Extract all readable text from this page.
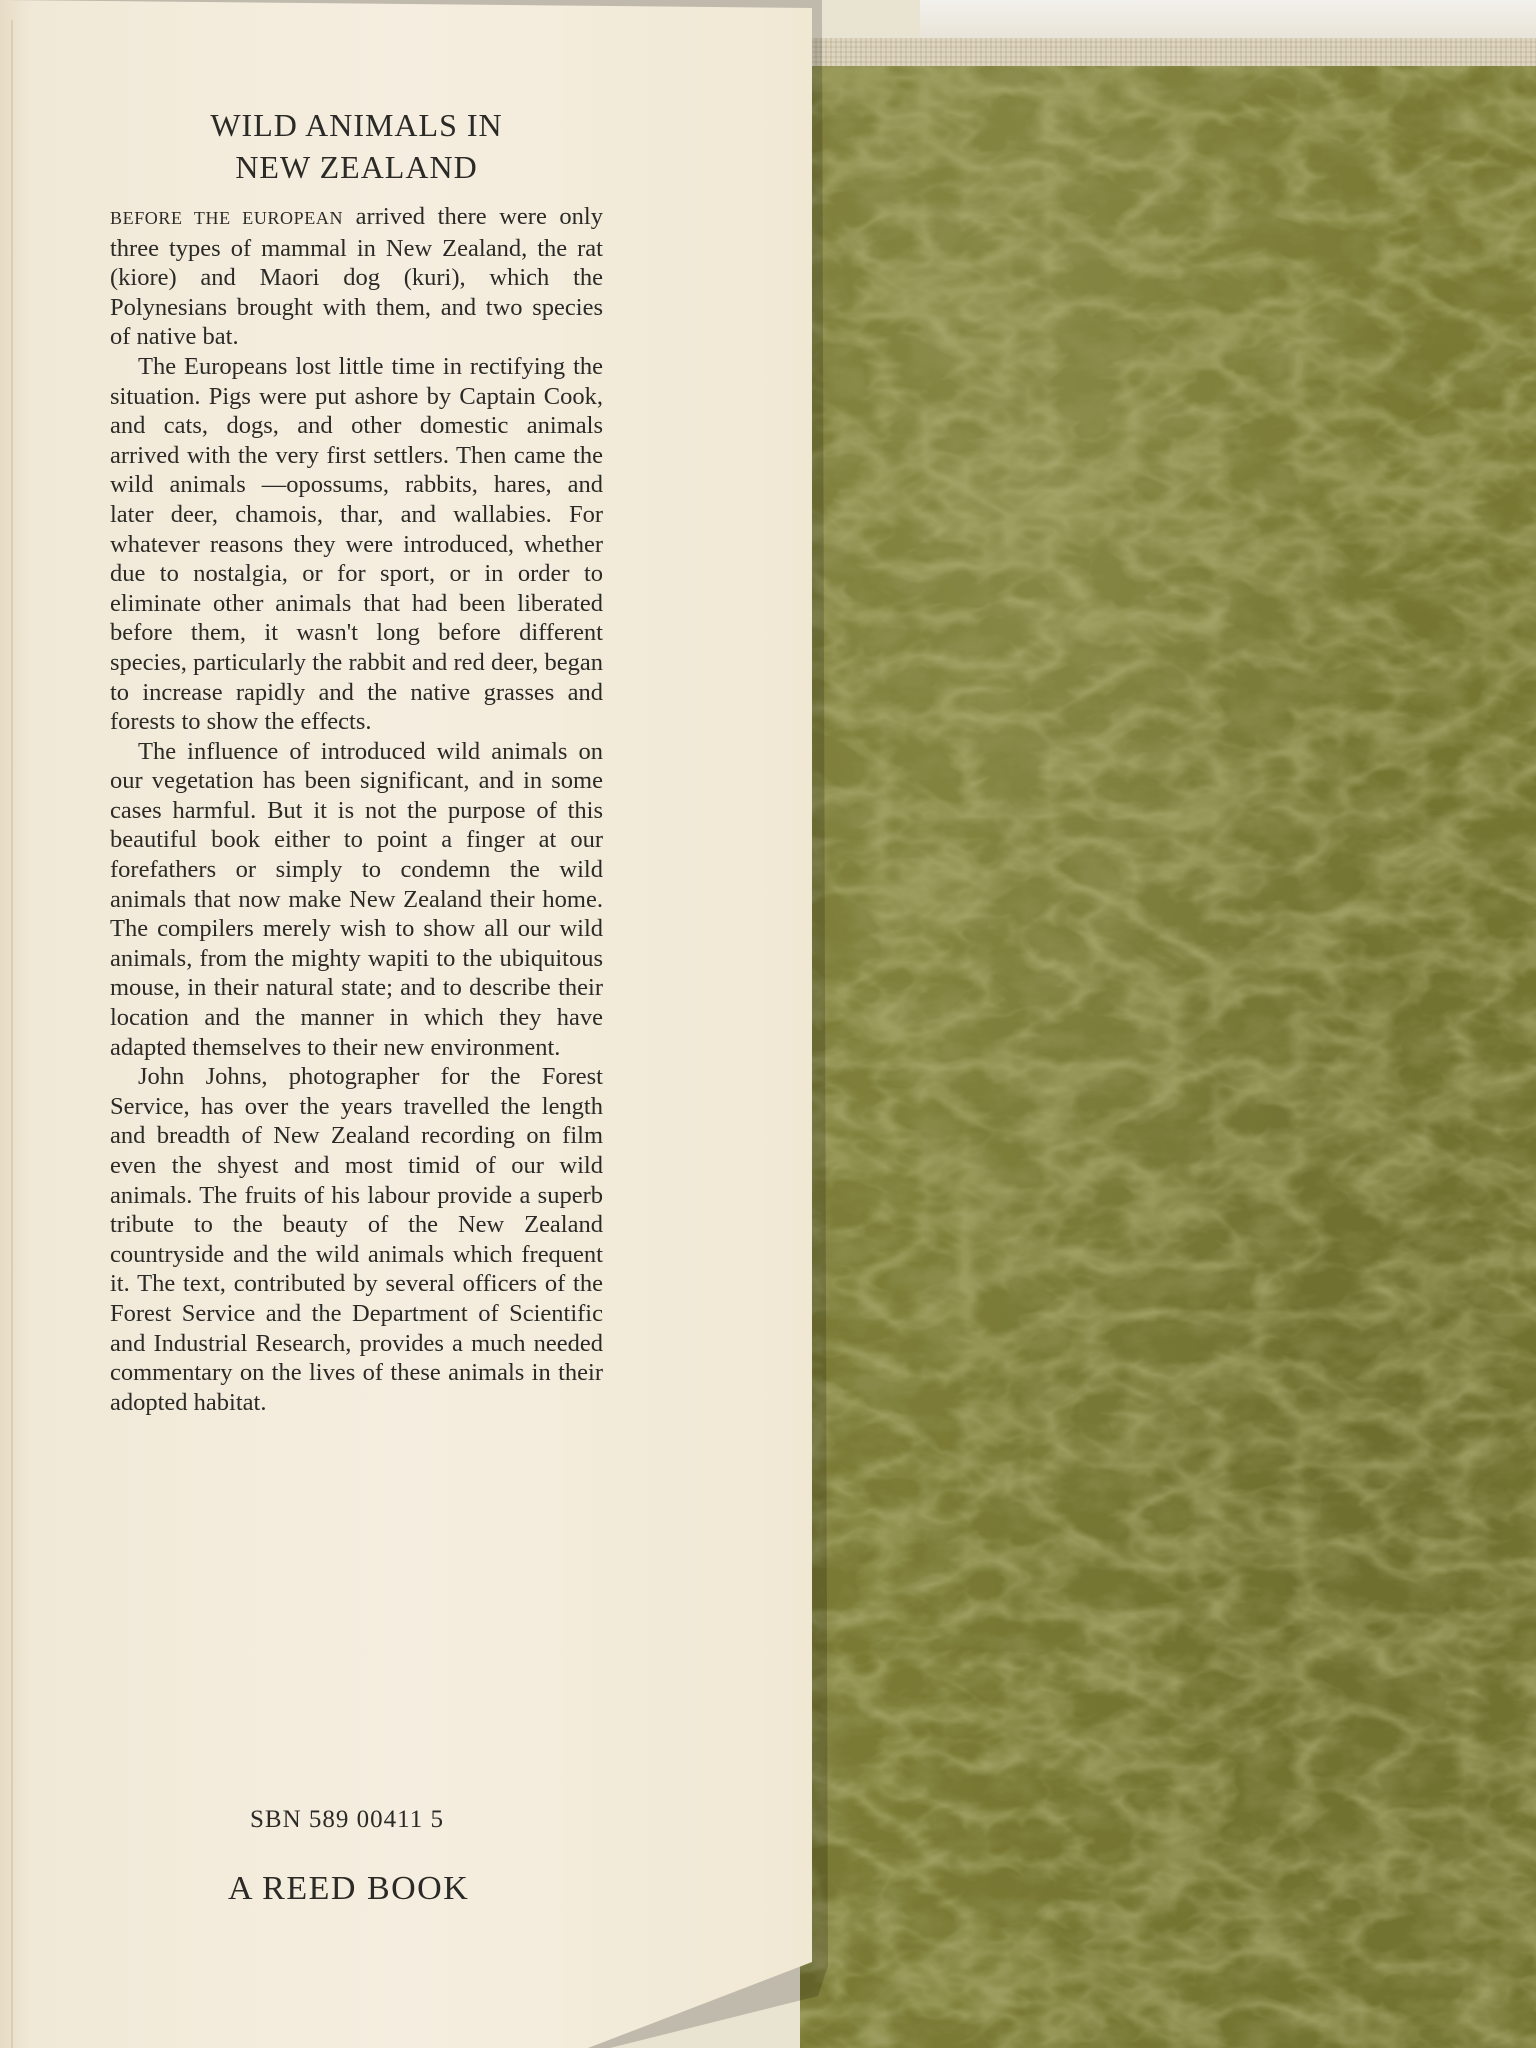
WILD ANIMALS IN
NEW ZEALAND

BEFORE THE EUROPEAN arrived there were only three types of mammal in New Zealand, the rat (kiore) and Maori dog (kuri), which the Polynesians brought with them, and two species of native bat.

The Europeans lost little time in rectifying the situation. Pigs were put ashore by Captain Cook, and cats, dogs, and other domestic animals arrived with the very first settlers. Then came the wild animals —opossums, rabbits, hares, and later deer, chamois, thar, and wallabies. For whatever reasons they were introduced, whether due to nostalgia, or for sport, or in order to eliminate other animals that had been liberated before them, it wasn't long before different species, particularly the rabbit and red deer, began to increase rapidly and the native grasses and forests to show the effects.

The influence of introduced wild animals on our vegetation has been significant, and in some cases harmful. But it is not the purpose of this beautiful book either to point a finger at our forefathers or simply to condemn the wild animals that now make New Zealand their home. The compilers merely wish to show all our wild animals, from the mighty wapiti to the ubiquitous mouse, in their natural state; and to describe their location and the manner in which they have adapted themselves to their new environment.

John Johns, photographer for the Forest Service, has over the years travelled the length and breadth of New Zealand recording on film even the shyest and most timid of our wild animals. The fruits of his labour provide a superb tribute to the beauty of the New Zealand countryside and the wild animals which frequent it. The text, contributed by several officers of the Forest Service and the Department of Scientific and Industrial Research, provides a much needed commentary on the lives of these animals in their adopted habitat.

SBN 589 00411 5
A REED BOOK
